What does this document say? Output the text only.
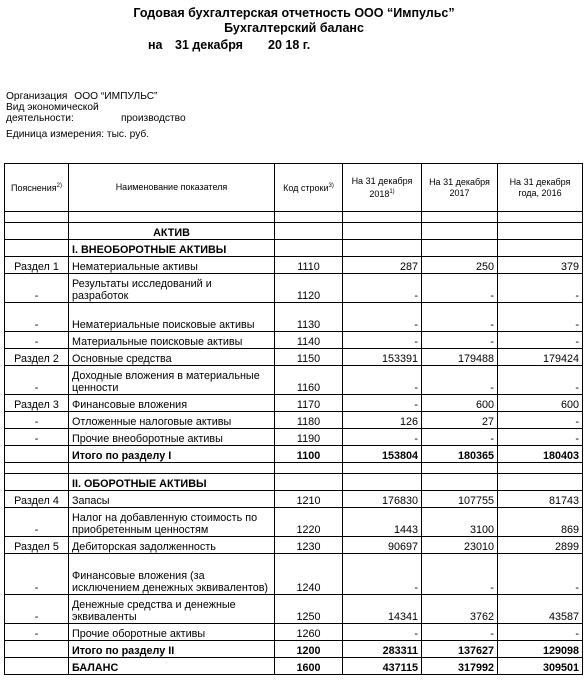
Годовая бухгалтерская отчетность ООО “Импульс”
Бухгалтерский баланс
на 31 декабря 20 18 г.
Организация ООО “ИМПУЛЬС”
Вид экономической
деятельности:	производство
Единица измерения: тыс. руб.
Пояснения$^{2)}$	Наименование показателя	Код строки$^{3)}$	На 31 декабря 2018$^{1)}$	На 31 декабря 2017	На 31 декабря года, 2016

	АКТИВ				
	I. ВНЕОБОРОТНЫЕ АКТИВЫ				
Раздел 1	Нематериальные активы	1110	287	250	379
-	Результаты исследований и разработок	1120	-	-	-
-	Нематериальные поисковые активы	1130	-	-	-
-	Материальные поисковые активы	1140	-	-	-
Раздел 2	Основные средства	1150	153391	179488	179424
-	Доходные вложения в материальные ценности	1160	-	-	-
Раздел 3	Финансовые вложения	1170	-	600	600
-	Отложенные налоговые активы	1180	126	27	-
-	Прочие внеоборотные активы	1190	-	-	-
	Итого по разделу I	1100	153804	180365	180403

	II. ОБОРОТНЫЕ АКТИВЫ				
Раздел 4	Запасы	1210	176830	107755	81743
-	Налог на добавленную стоимость по приобретенным ценностям	1220	1443	3100	869
Раздел 5	Дебиторская задолженность	1230	90697	23010	2899
-	Финансовые вложения (за исключением денежных эквивалентов)	1240	-	-	-
-	Денежные средства и денежные эквиваленты	1250	14341	3762	43587
-	Прочие оборотные активы	1260	-	-	-
	Итого по разделу II	1200	283311	137627	129098
	БАЛАНС	1600	437115	317992	309501
